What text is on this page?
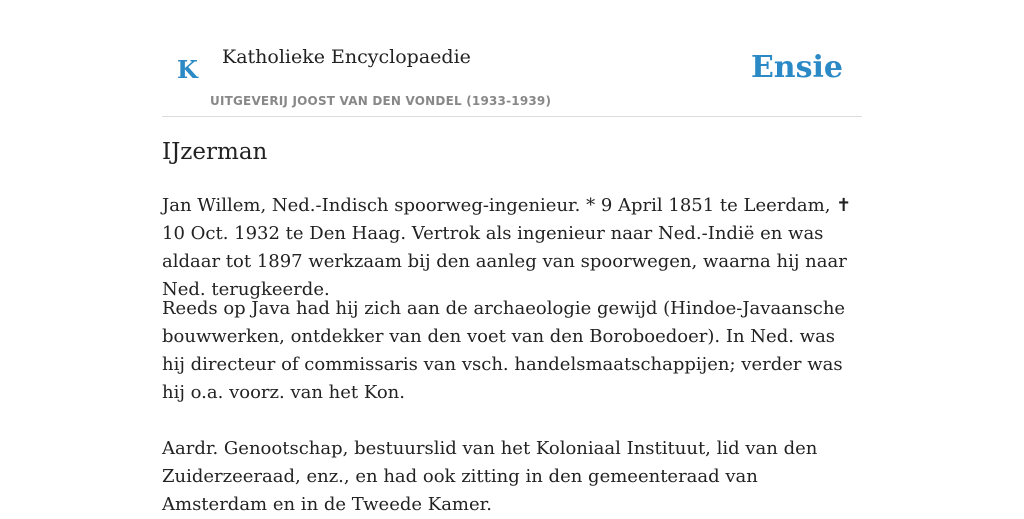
K Katholieke Encyclopaedie	Ensie
UITGEVERIJ JOOST VAN DEN VONDEL (1933-1939)
IJzerman

Jan Willem, Ned.-Indisch spoorweg-ingenieur. * 9 April 1851 te Leerdam, ✝ 10 Oct. 1932 te Den Haag. Vertrok als ingenieur naar Ned.-Indië en was aldaar tot 1897 werkzaam bij den aanleg van spoorwegen, waarna hij naar Ned. terugkeerde.

Reeds op Java had hij zich aan de archaeologie gewijd (Hindoe-Javaansche bouwwerken, ontdekker van den voet van den Boroboedoer). In Ned. was hij directeur of commissaris van vsch. handelsmaatschappijen; verder was hij o.a. voorz. van het Kon.

Aardr. Genootschap, bestuurslid van het Koloniaal Instituut, lid van den Zuiderzeeraad, enz., en had ook zitting in den gemeenteraad van Amsterdam en in de Tweede Kamer.
